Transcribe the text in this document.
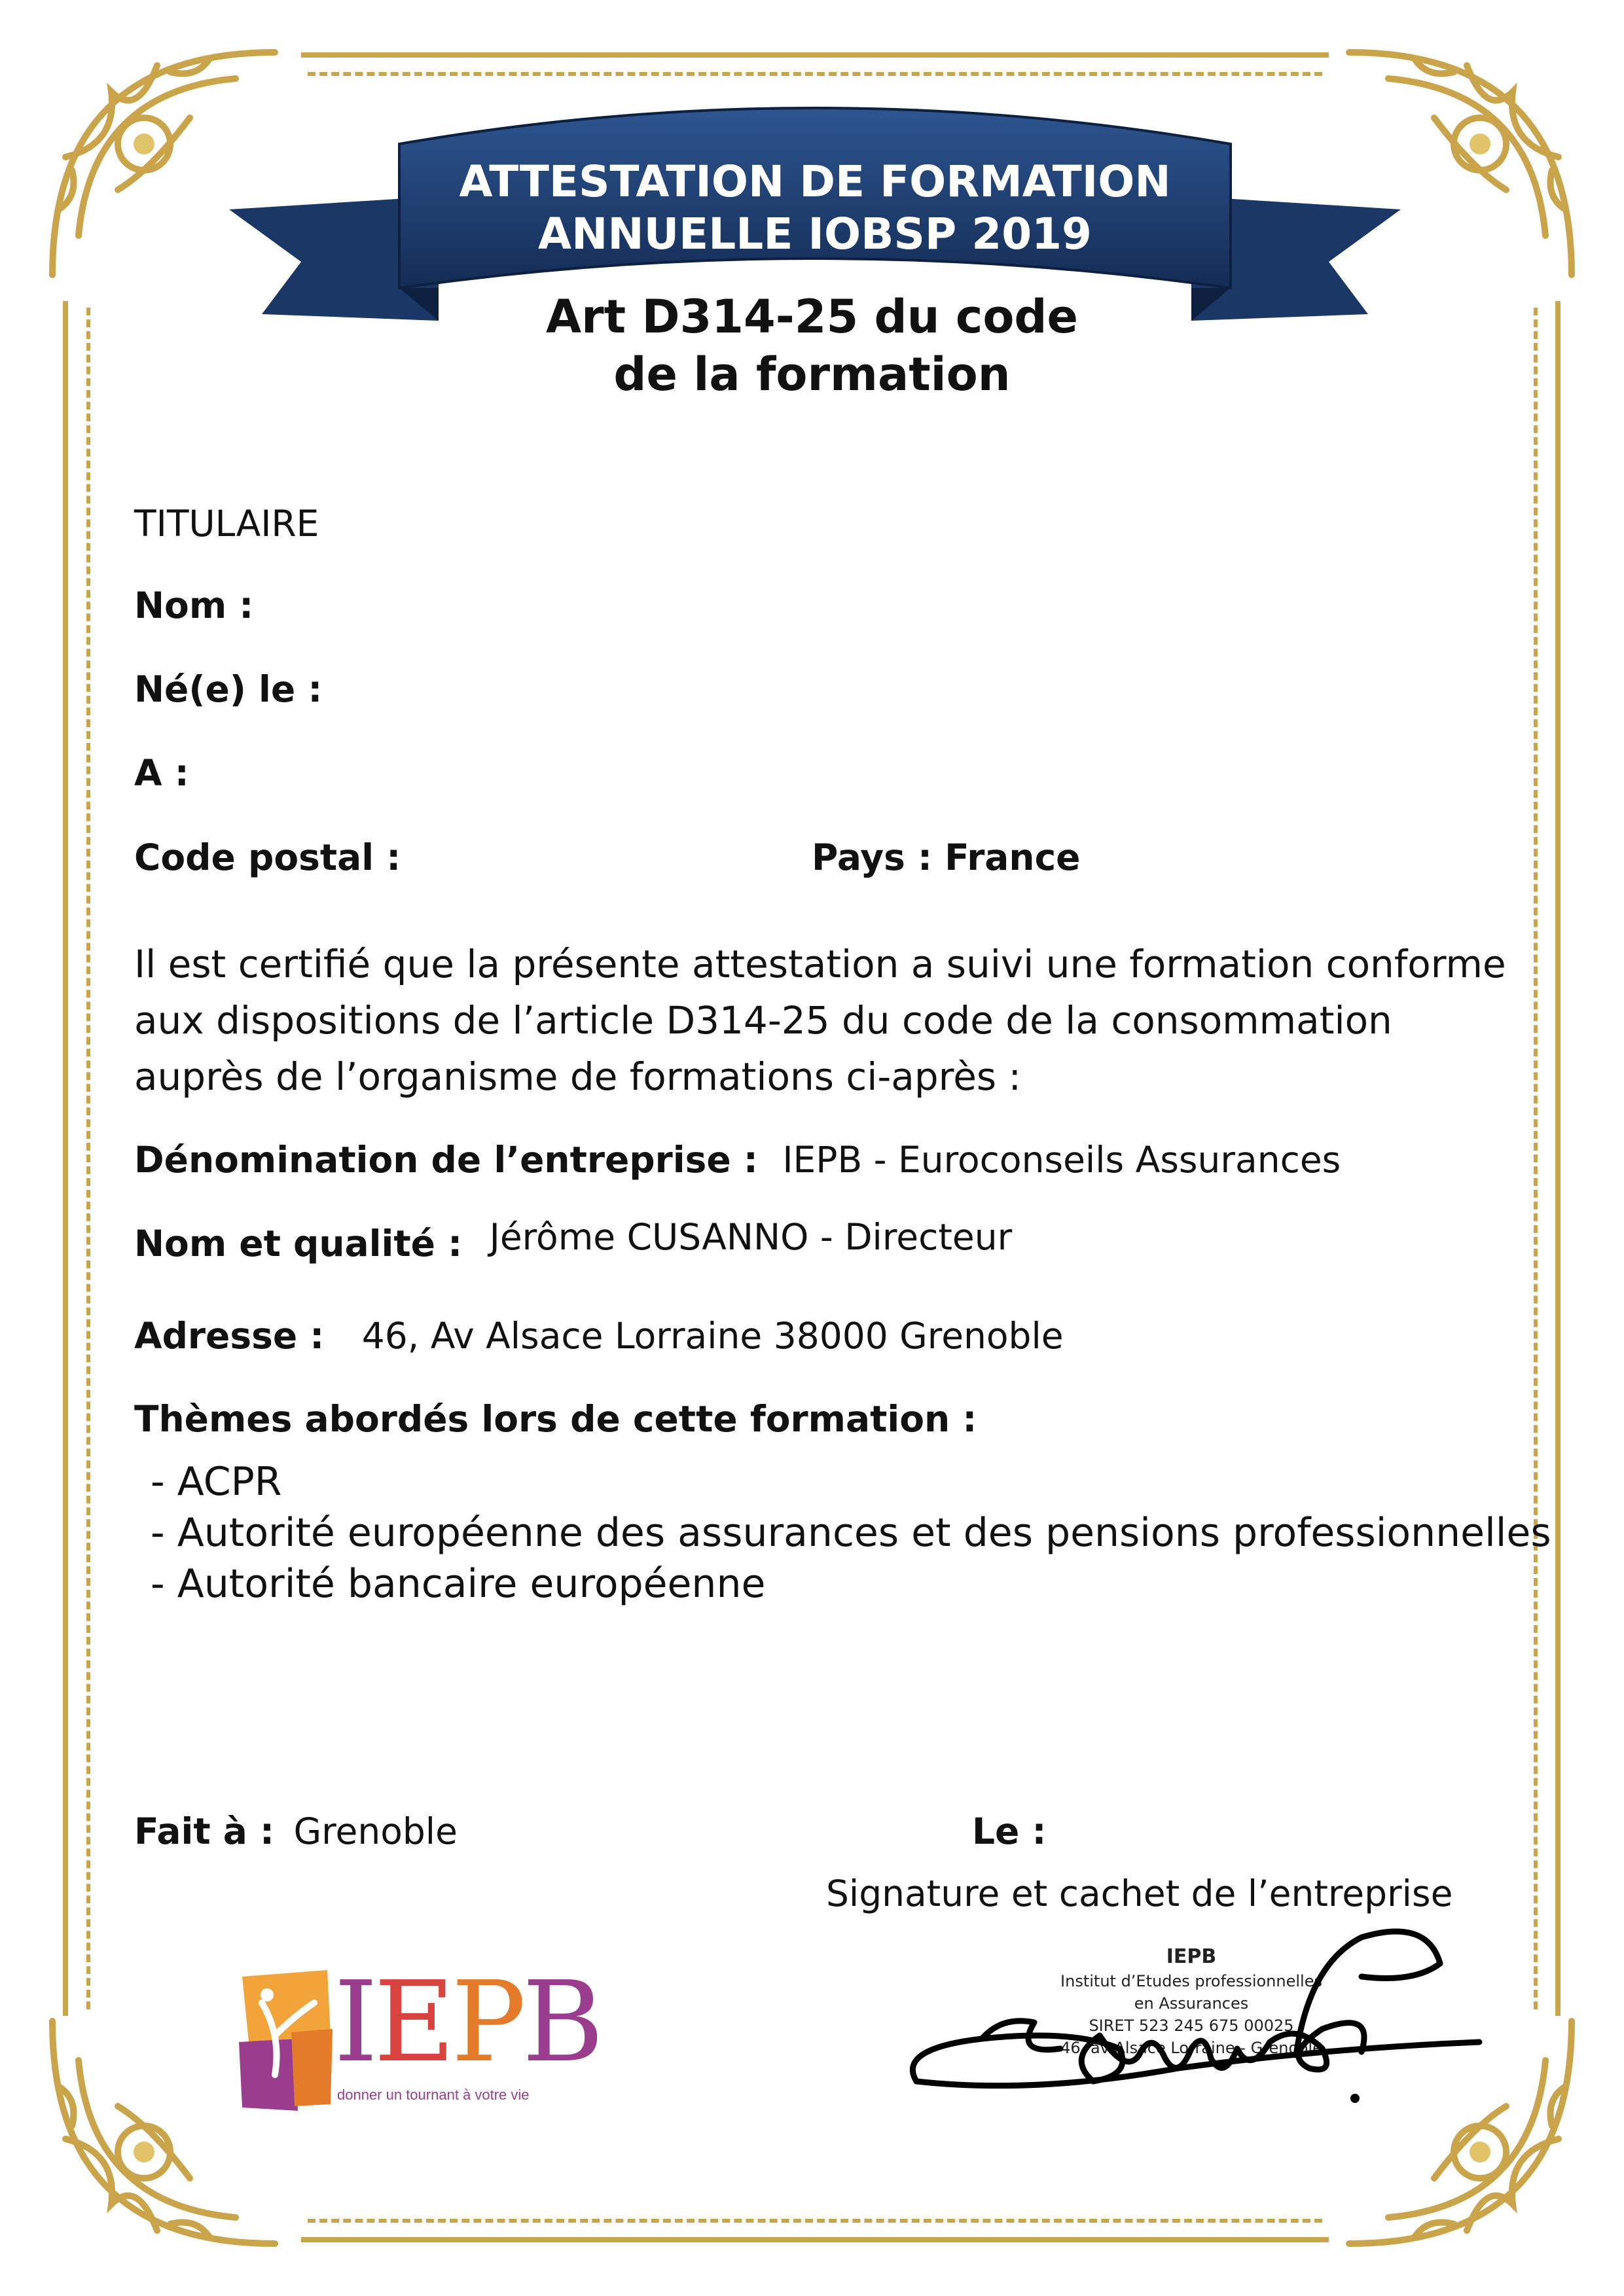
ATTESTATION DE FORMATION
ANNUELLE IOBSP 2019
Art D314-25 du code
de la formation
TITULAIRE
Nom :
Né(e) le :
A :
Code postal :	Pays : France
Il est certifié que la présente attestation a suivi une formation conforme
aux dispositions de l’article D314-25 du code de la consommation
auprès de l’organisme de formations ci-après :
Dénomination de l’entreprise : IEPB - Euroconseils Assurances
Nom et qualité : Jérôme CUSANNO - Directeur
Adresse : 46, Av Alsace Lorraine 38000 Grenoble
Thèmes abordés lors de cette formation :
- ACPR
- Autorité européenne des assurances et des pensions professionnelles
- Autorité bancaire européenne
Fait à : Grenoble	Le :
Signature et cachet de l’entreprise
IEPB
donner un tournant à votre vie
IEPB
Institut d’Etudes professionnelles
en Assurances
SIRET 523 245 675 00025
46, av Alsace Lorraine - Grenoble
